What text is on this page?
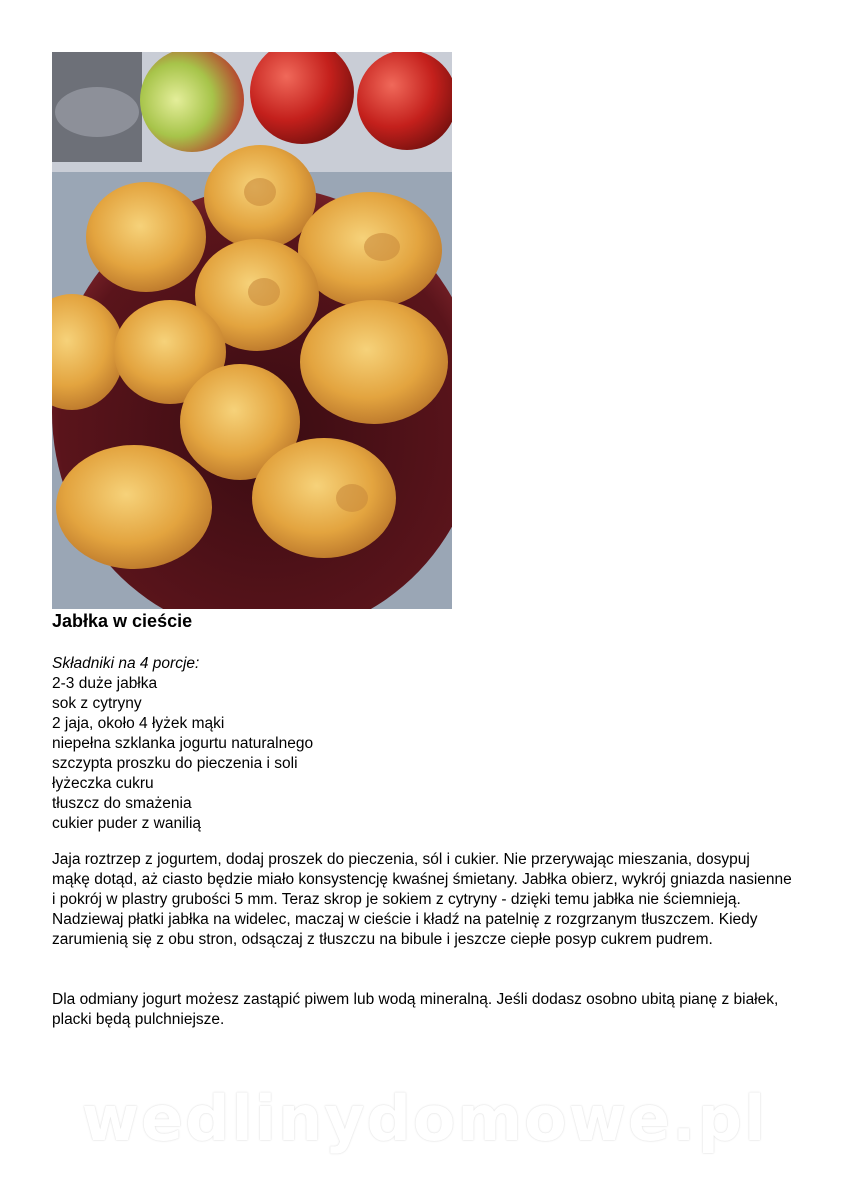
Jabłka w cieście
Składniki na 4 porcje:
2-3 duże jabłka
sok z cytryny
2 jaja, około 4 łyżek mąki
niepełna szklanka jogurtu naturalnego
szczypta proszku do pieczenia i soli
łyżeczka cukru
tłuszcz do smażenia
cukier puder z wanilią

Jaja roztrzep z jogurtem, dodaj proszek do pieczenia, sól i cukier. Nie przerywając mieszania, dosypuj mąkę dotąd, aż ciasto będzie miało konsystencję kwaśnej śmietany. Jabłka obierz, wykrój gniazda nasienne i pokrój w plastry grubości 5 mm. Teraz skrop je sokiem z cytryny - dzięki temu jabłka nie ściemnieją. Nadziewaj płatki jabłka na widelec, maczaj w cieście i kładź na patelnię z rozgrzanym tłuszczem. Kiedy zarumienią się z obu stron, odsączaj z tłuszczu na bibule i jeszcze ciepłe posyp cukrem pudrem.

Dla odmiany jogurt możesz zastąpić piwem lub wodą mineralną. Jeśli dodasz osobno ubitą pianę z białek, placki będą pulchniejsze.

wedlinydomowe.pl
